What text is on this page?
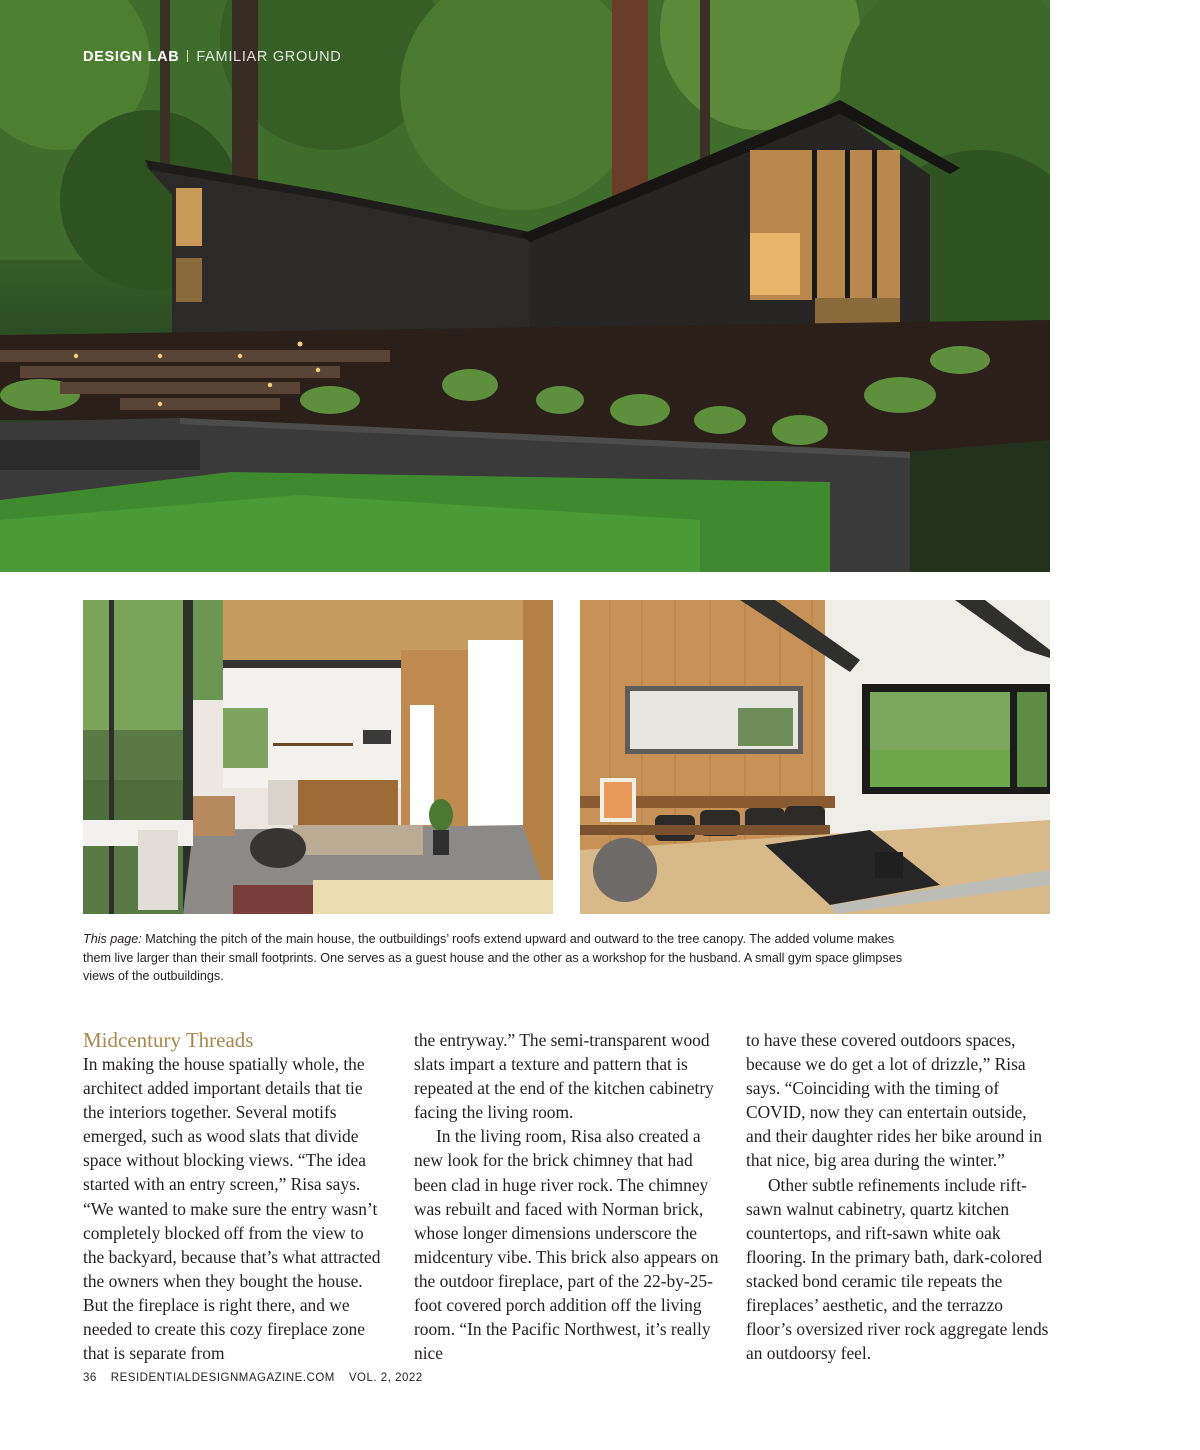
DESIGN LAB FAMILIAR GROUND
This page: Matching the pitch of the main house, the outbuildings’ roofs extend upward and outward to the tree canopy. The added volume makes them live larger than their small footprints. One serves as a guest house and the other as a workshop for the husband. A small gym space glimpses views of the outbuildings.
Midcentury Threads

In making the house spatially whole, the architect added important details that tie the interiors together. Several motifs emerged, such as wood slats that divide space without blocking views. “The idea started with an entry screen,” Risa says. “We wanted to make sure the entry wasn’t completely blocked off from the view to the backyard, because that’s what attracted the owners when they bought the house. But the fireplace is right there, and we needed to create this cozy fireplace zone that is separate from

the entryway.” The semi-transparent wood slats impart a texture and pattern that is repeated at the end of the kitchen cabinetry facing the living room.

In the living room, Risa also created a new look for the brick chimney that had been clad in huge river rock. The chimney was rebuilt and faced with Norman brick, whose longer dimensions underscore the midcentury vibe. This brick also appears on the outdoor fireplace, part of the 22-by-25-foot covered porch addition off the living room. “In the Pacific Northwest, it’s really nice

to have these covered outdoors spaces, because we do get a lot of drizzle,” Risa says. “Coinciding with the timing of COVID, now they can entertain outside, and their daughter rides her bike around in that nice, big area during the winter.”

Other subtle refinements include rift-sawn walnut cabinetry, quartz kitchen countertops, and rift-sawn white oak flooring. In the primary bath, dark-colored stacked bond ceramic tile repeats the fireplaces’ aesthetic, and the terrazzo floor’s oversized river rock aggregate lends an outdoorsy feel.

36 RESIDENTIALDESIGNMAGAZINE.COM VOL. 2, 2022
